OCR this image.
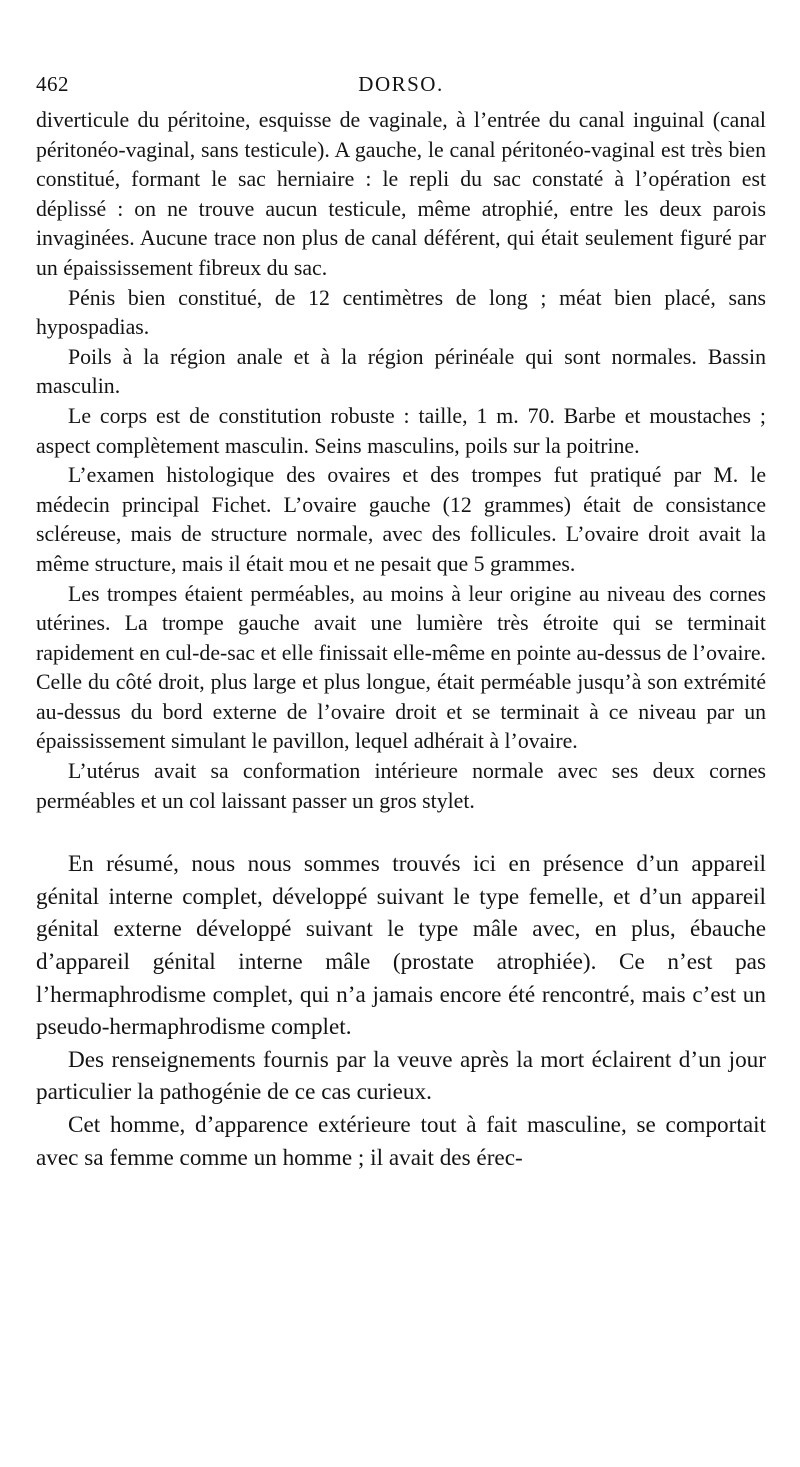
462	DORSO.

diverticule du péritoine, esquisse de vaginale, à l’entrée du canal inguinal (canal péritonéo-vaginal, sans testicule). A gauche, le canal péritonéo-vaginal est très bien constitué, formant le sac herniaire : le repli du sac constaté à l’opération est déplissé : on ne trouve aucun testicule, même atrophié, entre les deux parois invaginées. Aucune trace non plus de canal déférent, qui était seulement figuré par un épaississement fibreux du sac.

Pénis bien constitué, de 12 centimètres de long ; méat bien placé, sans hypospadias.

Poils à la région anale et à la région périnéale qui sont normales. Bassin masculin.

Le corps est de constitution robuste : taille, 1 m. 70. Barbe et moustaches ; aspect complètement masculin. Seins masculins, poils sur la poitrine.

L’examen histologique des ovaires et des trompes fut pratiqué par M. le médecin principal Fichet. L’ovaire gauche (12 grammes) était de consistance scléreuse, mais de structure normale, avec des follicules. L’ovaire droit avait la même structure, mais il était mou et ne pesait que 5 grammes.

Les trompes étaient perméables, au moins à leur origine au niveau des cornes utérines. La trompe gauche avait une lumière très étroite qui se terminait rapidement en cul-de-sac et elle finissait elle-même en pointe au-dessus de l’ovaire. Celle du côté droit, plus large et plus longue, était perméable jusqu’à son extrémité au-dessus du bord externe de l’ovaire droit et se terminait à ce niveau par un épaississement simulant le pavillon, lequel adhérait à l’ovaire.

L’utérus avait sa conformation intérieure normale avec ses deux cornes perméables et un col laissant passer un gros stylet.

En résumé, nous nous sommes trouvés ici en présence d’un appareil génital interne complet, développé suivant le type femelle, et d’un appareil génital externe développé suivant le type mâle avec, en plus, ébauche d’appareil génital interne mâle (prostate atrophiée). Ce n’est pas l’hermaphrodisme complet, qui n’a jamais encore été rencontré, mais c’est un pseudo-hermaphrodisme complet.

Des renseignements fournis par la veuve après la mort éclairent d’un jour particulier la pathogénie de ce cas curieux.

Cet homme, d’apparence extérieure tout à fait masculine, se comportait avec sa femme comme un homme ; il avait des érec-
